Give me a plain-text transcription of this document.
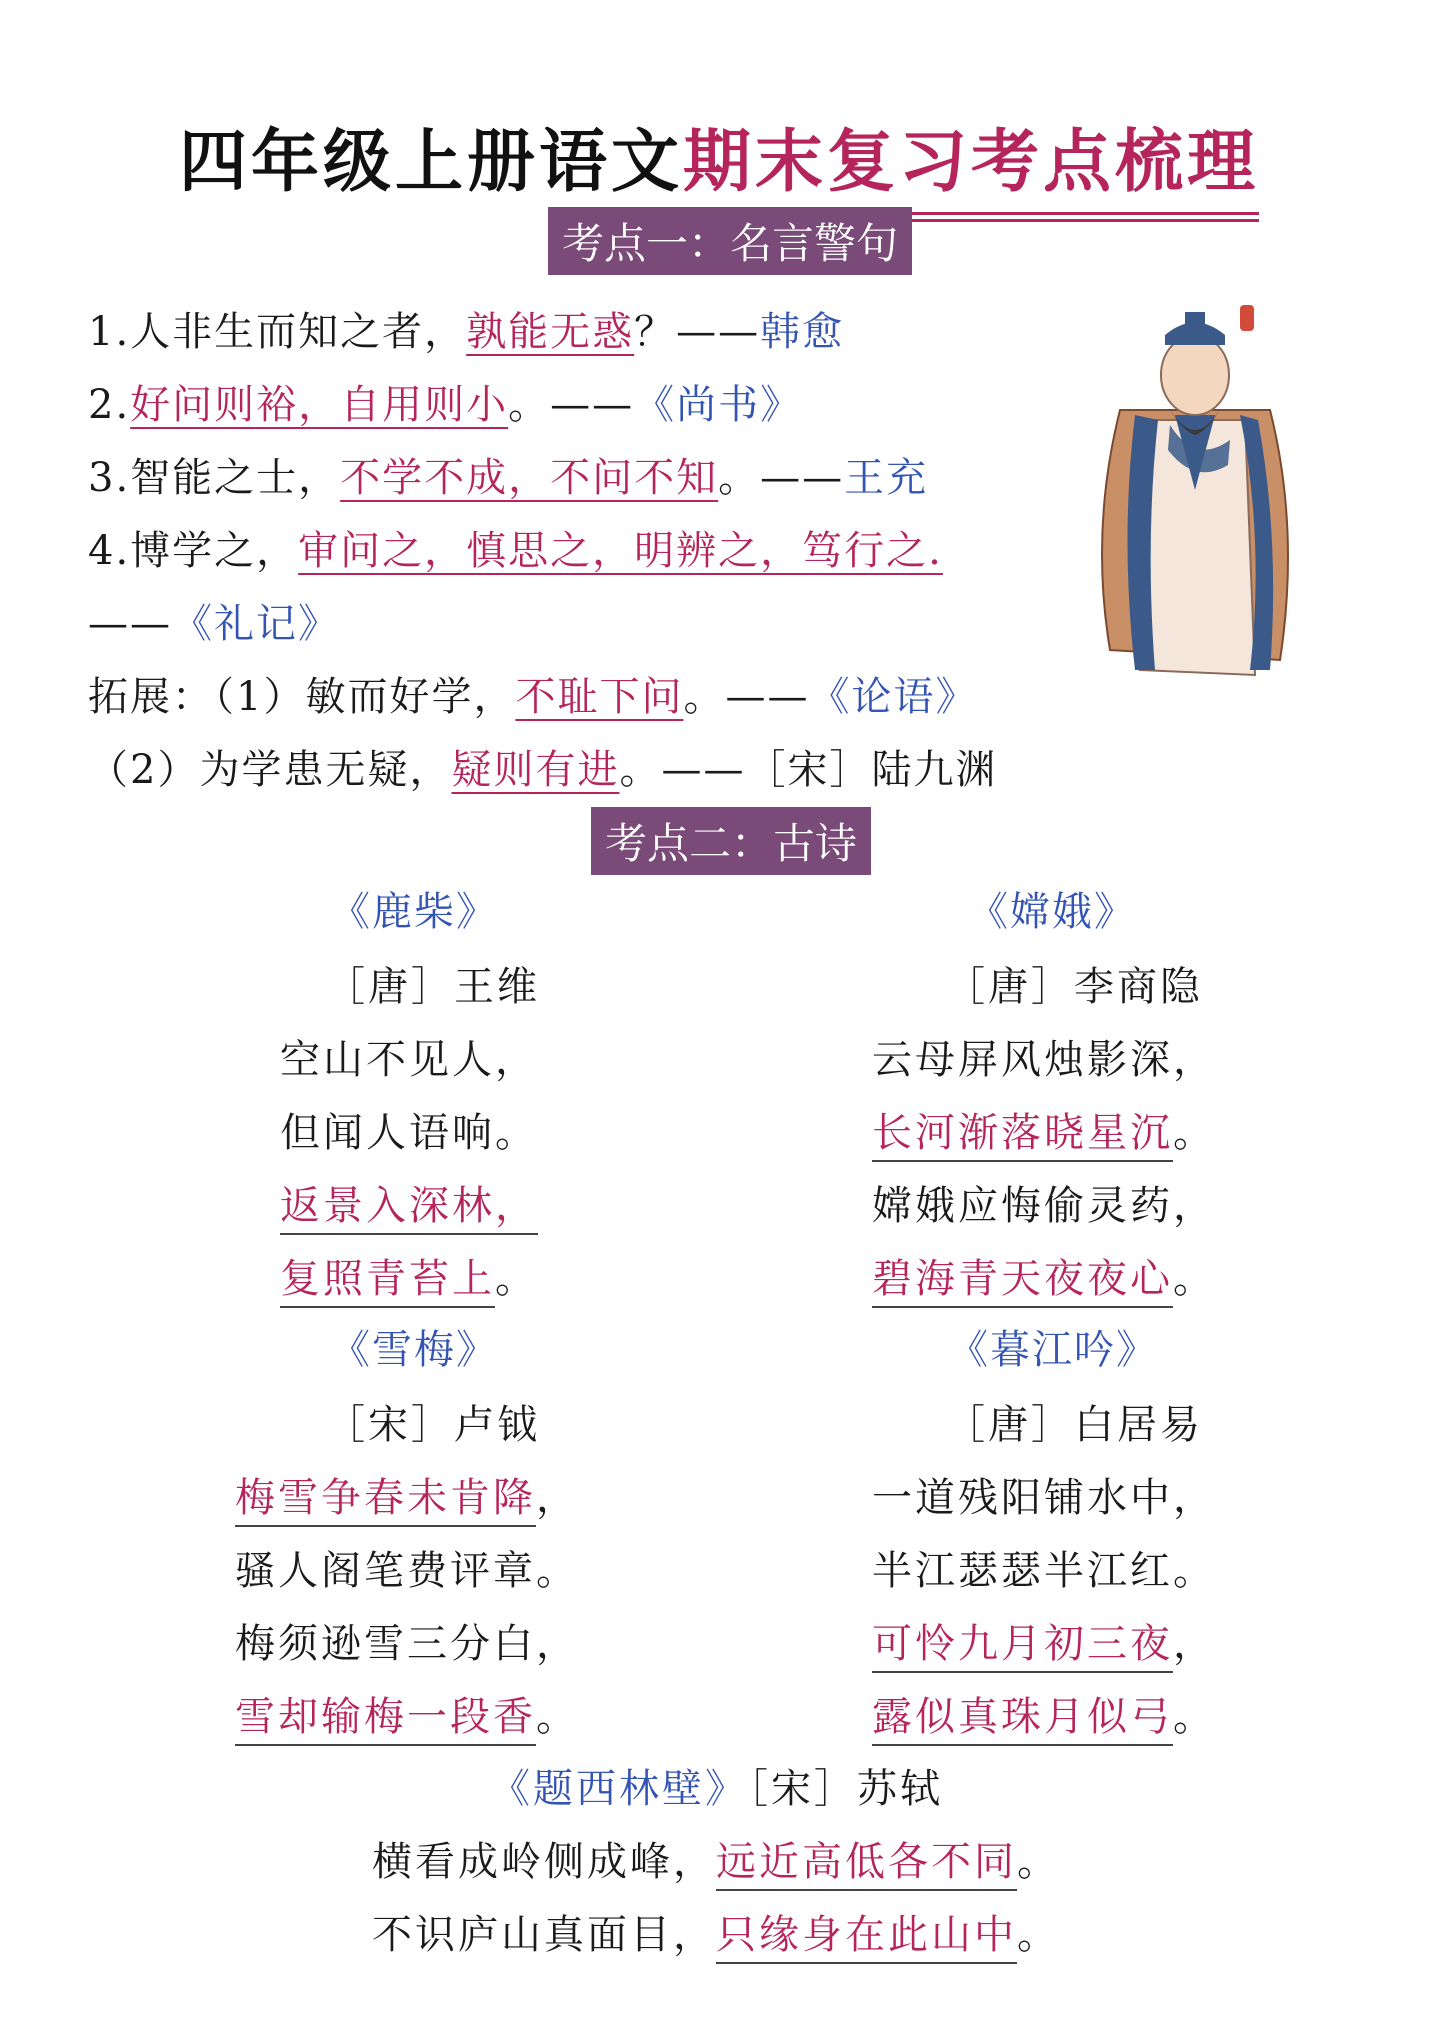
四年级上册语文期末复习考点梳理
考点一：名言警句
1.人非生而知之者，孰能无惑？——韩愈
2.好问则裕，自用则小。——《尚书》
3.智能之士，不学不成，不问不知。——王充
4.博学之，审问之，慎思之，明辨之，笃行之.
——《礼记》
拓展：（1）敏而好学，不耻下问。——《论语》
（2）为学患无疑，疑则有进。——［宋］陆九渊
考点二：古诗
《鹿柴》
［唐］王维
空山不见人，
但闻人语响。
返景入深林，
复照青苔上。
《嫦娥》
［唐］李商隐
云母屏风烛影深，
长河渐落晓星沉。
嫦娥应悔偷灵药，
碧海青天夜夜心。
《雪梅》
［宋］卢钺
梅雪争春未肯降，
骚人阁笔费评章。
梅须逊雪三分白，
雪却输梅一段香。
《暮江吟》
［唐］白居易
一道残阳铺水中，
半江瑟瑟半江红。
可怜九月初三夜，
露似真珠月似弓。
《题西林壁》［宋］苏轼
横看成岭侧成峰，远近高低各不同。
不识庐山真面目，只缘身在此山中。
